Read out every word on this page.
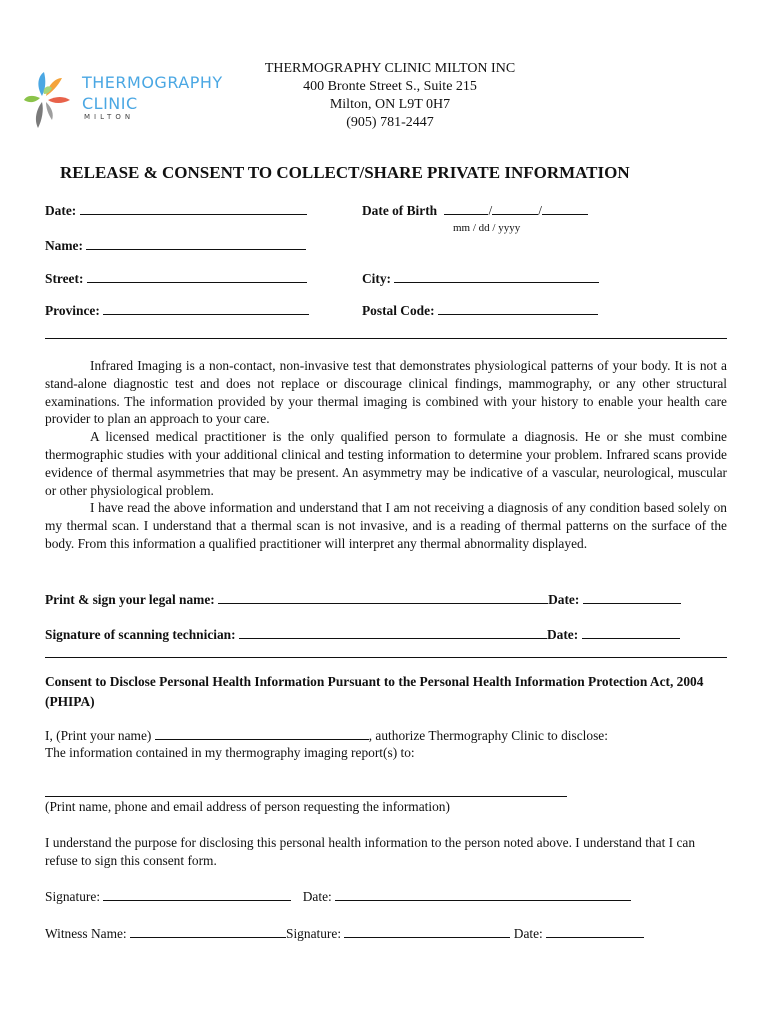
THERMOGRAPHY
CLINIC
MILTON
THERMOGRAPHY CLINIC MILTON INC
400 Bronte Street S., Suite 215
Milton, ON L9T 0H7
(905) 781-2447
RELEASE & CONSENT TO COLLECT/SHARE PRIVATE INFORMATION
Date:	Date of Birth	/	/
mm / dd / yyyy
Name:
Street:	City:
Province:	Postal Code:

Infrared Imaging is a non-contact, non-invasive test that demonstrates physiological patterns of your body. It is not a stand-alone diagnostic test and does not replace or discourage clinical findings, mammography, or any other structural examinations. The information provided by your thermal imaging is combined with your history to enable your health care provider to plan an approach to your care.

A licensed medical practitioner is the only qualified person to formulate a diagnosis. He or she must combine thermographic studies with your additional clinical and testing information to determine your problem. Infrared scans provide evidence of thermal asymmetries that may be present. An asymmetry may be indicative of a vascular, neurological, muscular or other physiological problem.

I have read the above information and understand that I am not receiving a diagnosis of any condition based solely on my thermal scan. I understand that a thermal scan is not invasive, and is a reading of thermal patterns on the surface of the body. From this information a qualified practitioner will interpret any thermal abnormality displayed.

Print & sign your legal name:	Date:
Signature of scanning technician:	Date:
Consent to Disclose Personal Health Information Pursuant to the Personal Health Information Protection Act, 2004 (PHIPA)
I, (Print your name)	, authorize Thermography Clinic to disclose:
The information contained in my thermography imaging report(s) to:
(Print name, phone and email address of person requesting the information)
I understand the purpose for disclosing this personal health information to the person noted above. I understand that I can refuse to sign this consent form.
Signature:	Date:
Witness Name:	Signature:	Date:
